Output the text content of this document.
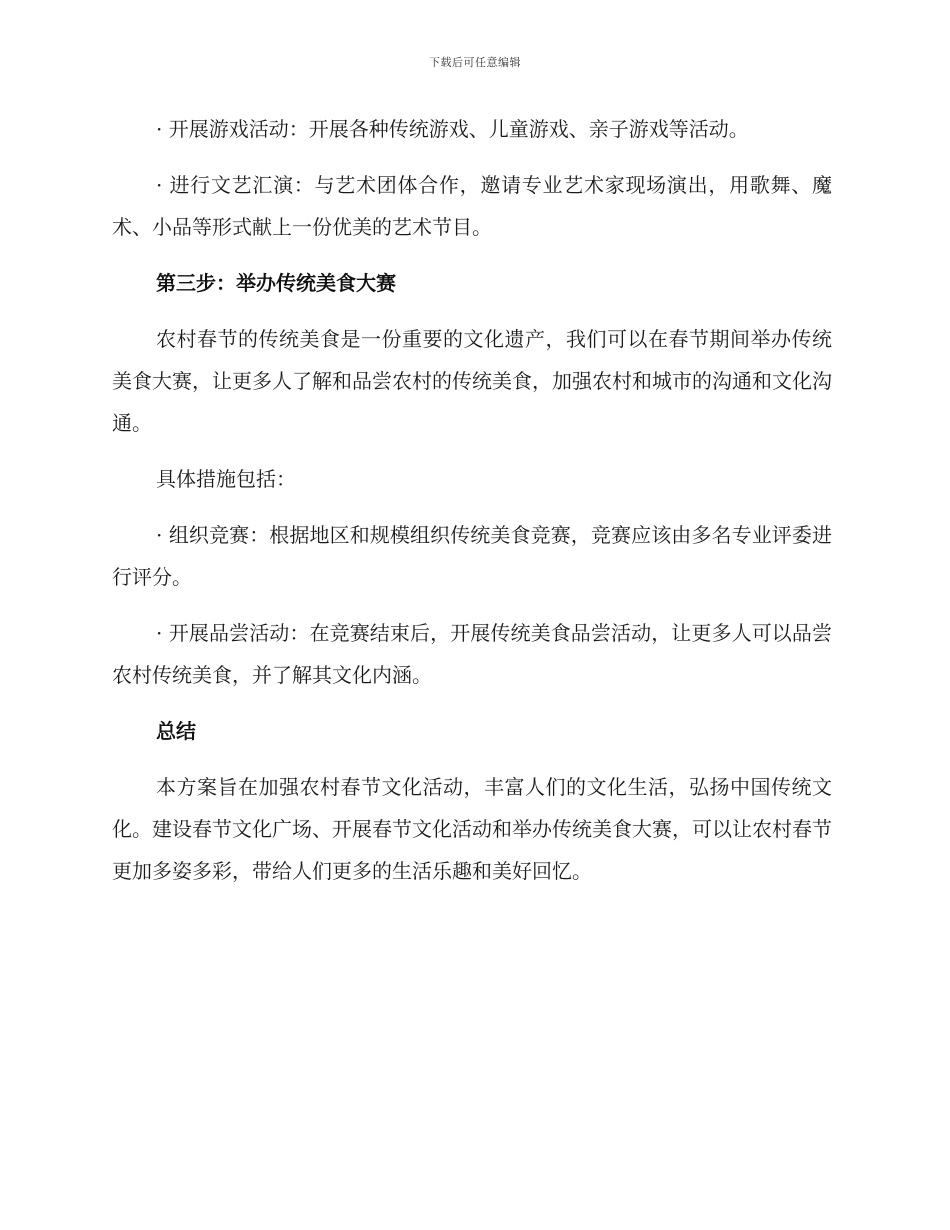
下载后可任意编辑

· 开展游戏活动：开展各种传统游戏、儿童游戏、亲子游戏等活动。

· 进行文艺汇演：与艺术团体合作，邀请专业艺术家现场演出，用歌舞、魔术、小品等形式献上一份优美的艺术节目。

第三步：举办传统美食大赛

农村春节的传统美食是一份重要的文化遗产，我们可以在春节期间举办传统美食大赛，让更多人了解和品尝农村的传统美食，加强农村和城市的沟通和文化沟通。

具体措施包括：

· 组织竞赛：根据地区和规模组织传统美食竞赛，竞赛应该由多名专业评委进行评分。

· 开展品尝活动：在竞赛结束后，开展传统美食品尝活动，让更多人可以品尝农村传统美食，并了解其文化内涵。

总结

本方案旨在加强农村春节文化活动，丰富人们的文化生活，弘扬中国传统文化。建设春节文化广场、开展春节文化活动和举办传统美食大赛，可以让农村春节更加多姿多彩，带给人们更多的生活乐趣和美好回忆。
